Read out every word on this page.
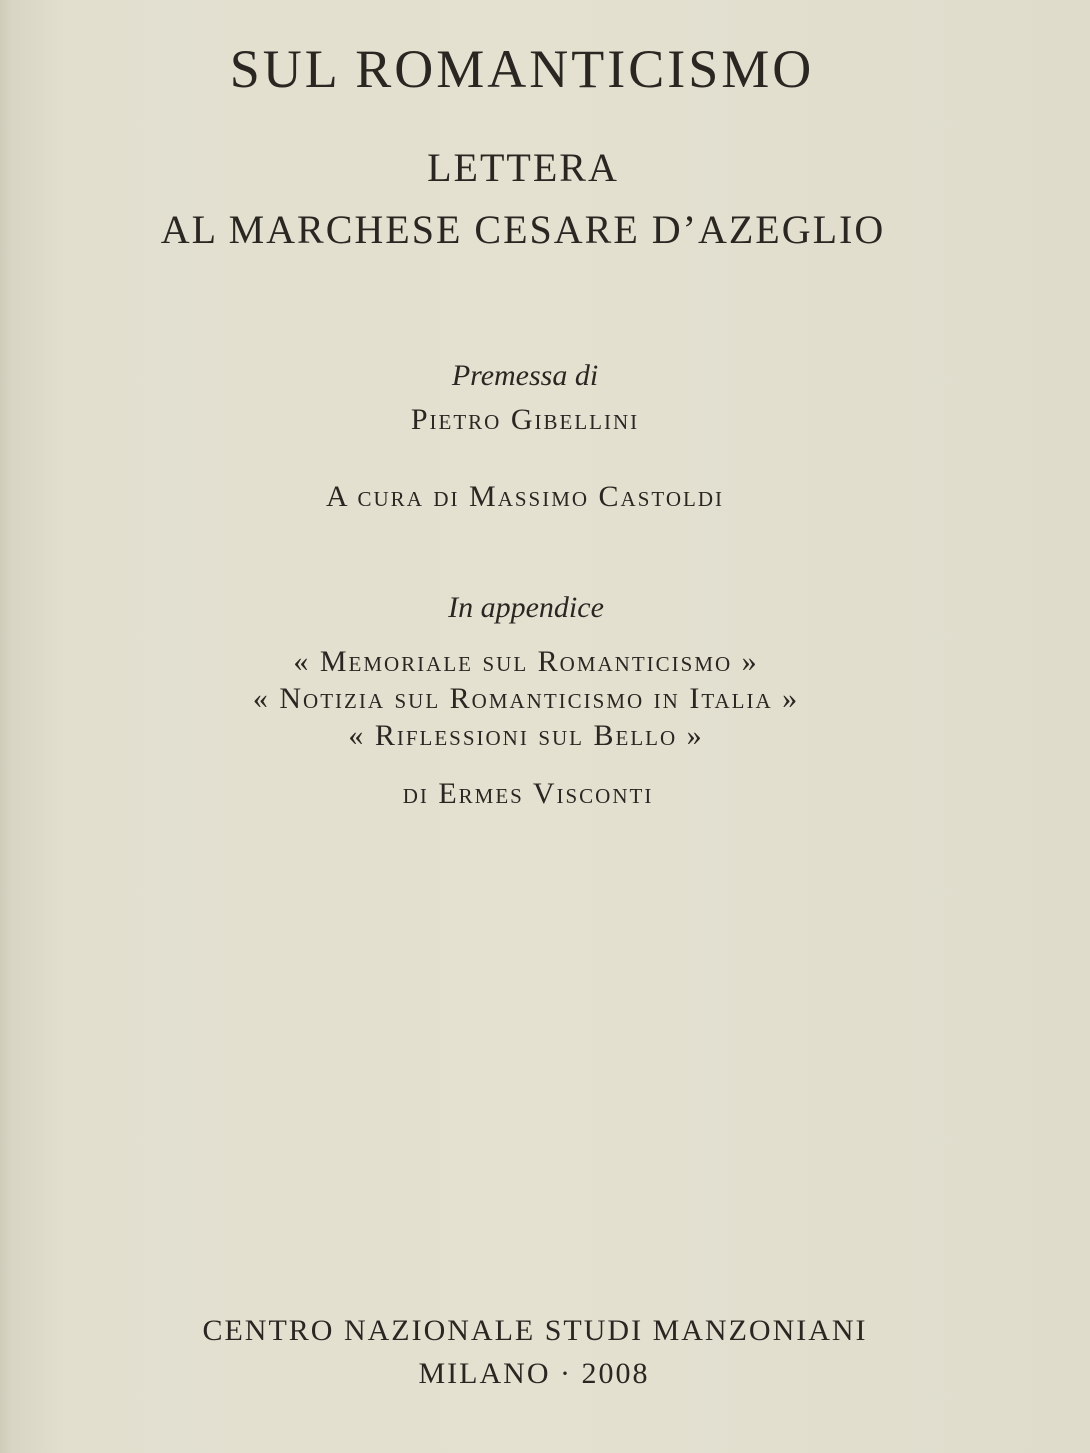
SUL ROMANTICISMO
LETTERA
AL MARCHESE CESARE D’AZEGLIO
Premessa di
Pietro Gibellini
A cura di Massimo Castoldi
In appendice
« Memoriale sul Romanticismo »
« Notizia sul Romanticismo in Italia »
« Riflessioni sul Bello »
di Ermes Visconti
CENTRO NAZIONALE STUDI MANZONIANI
MILANO · 2008
